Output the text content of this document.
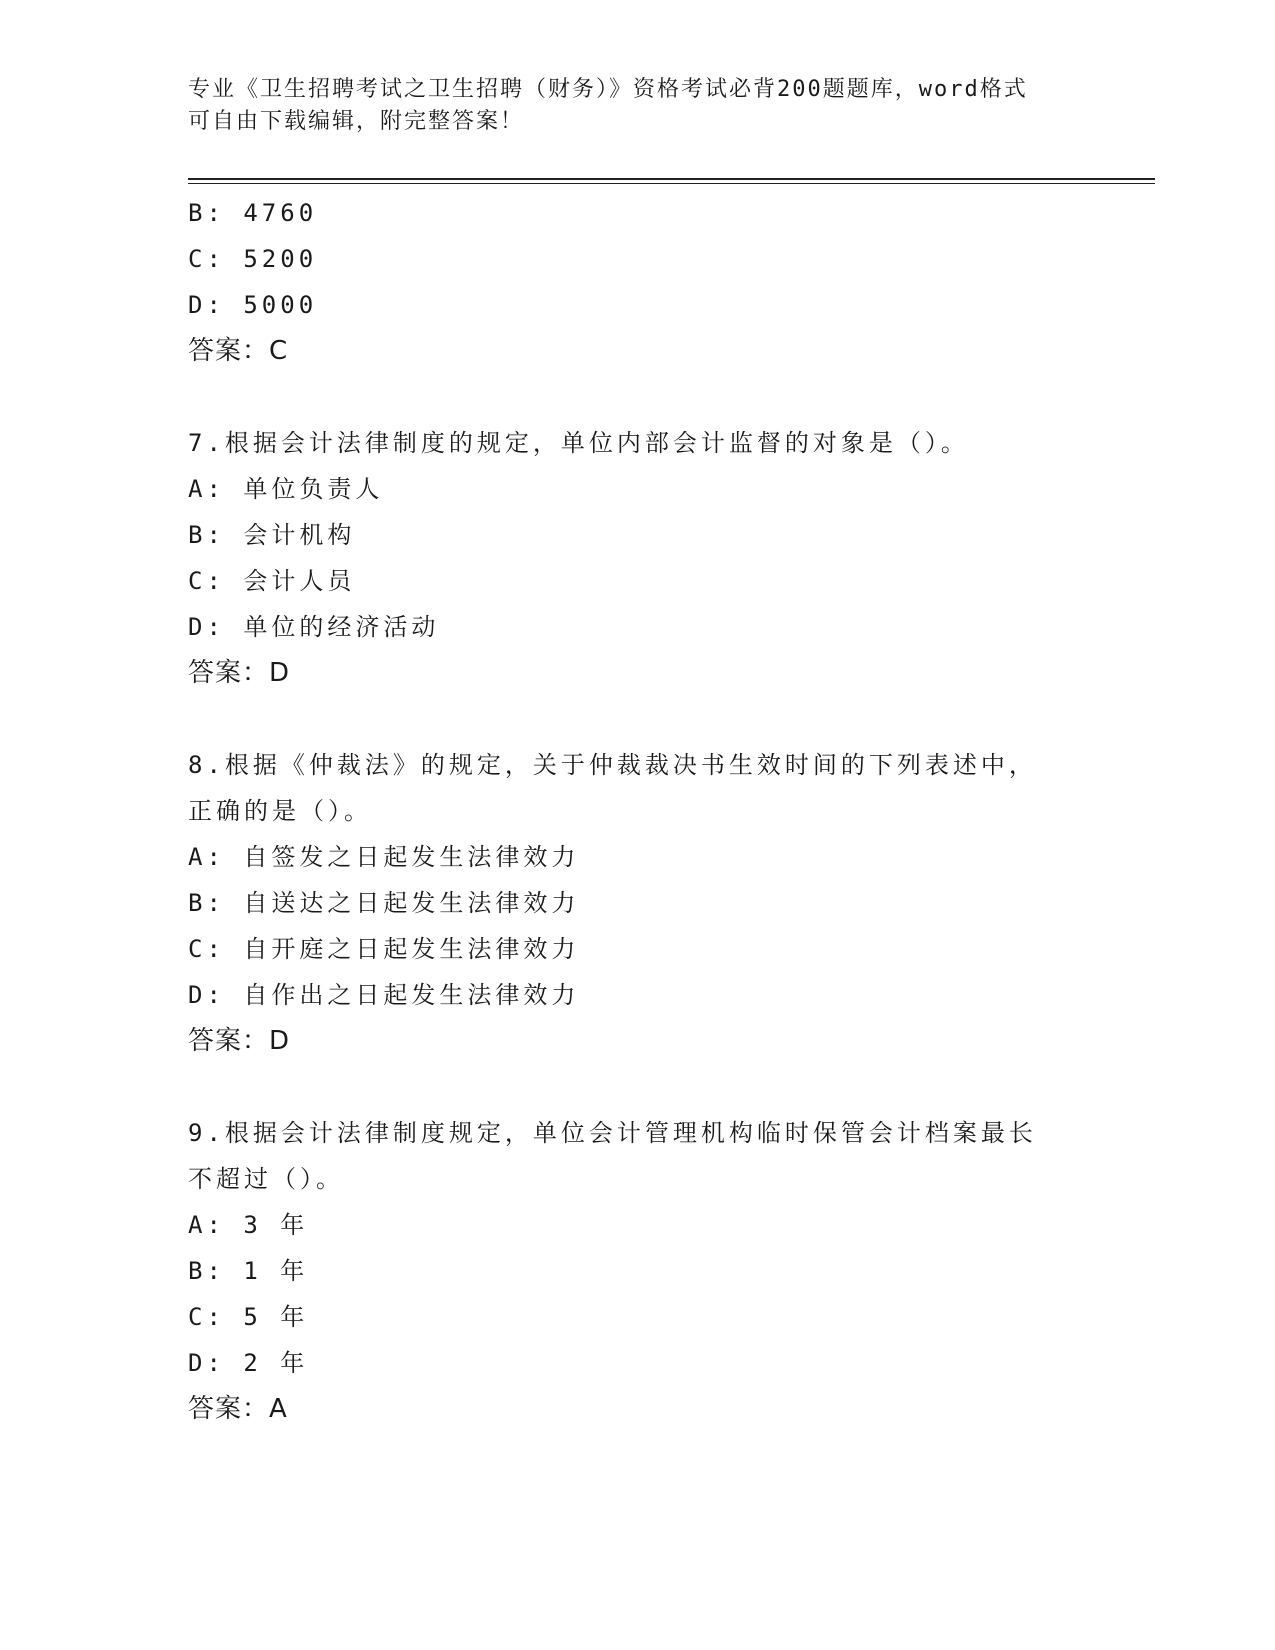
专业《卫生招聘考试之卫生招聘（财务）》资格考试必背200题题库，word格式
可自由下载编辑，附完整答案！
B: 4760
C: 5200
D: 5000
答案：C
7.根据会计法律制度的规定，单位内部会计监督的对象是（）。
A: 单位负责人
B: 会计机构
C: 会计人员
D: 单位的经济活动
答案：D
8.根据《仲裁法》的规定，关于仲裁裁决书生效时间的下列表述中，
正确的是（）。
A: 自签发之日起发生法律效力
B: 自送达之日起发生法律效力
C: 自开庭之日起发生法律效力
D: 自作出之日起发生法律效力
答案：D
9.根据会计法律制度规定，单位会计管理机构临时保管会计档案最长
不超过（）。
A: 3 年
B: 1 年
C: 5 年
D: 2 年
答案：A
